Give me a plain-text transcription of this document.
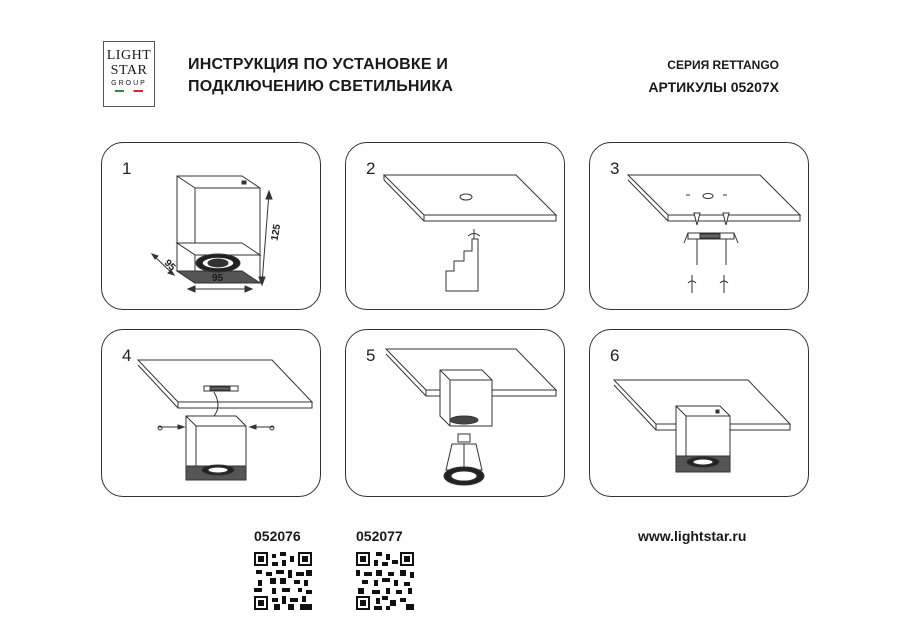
LIGHT
STAR
GROUP
ИНСТРУКЦИЯ ПО УСТАНОВКЕ И
ПОДКЛЮЧЕНИЮ СВЕТИЛЬНИКА
СЕРИЯ RETTANGO
АРТИКУЛЫ 05207X
1
95
95
125
2	3
4	5	6
052076	052077	www.lightstar.ru
